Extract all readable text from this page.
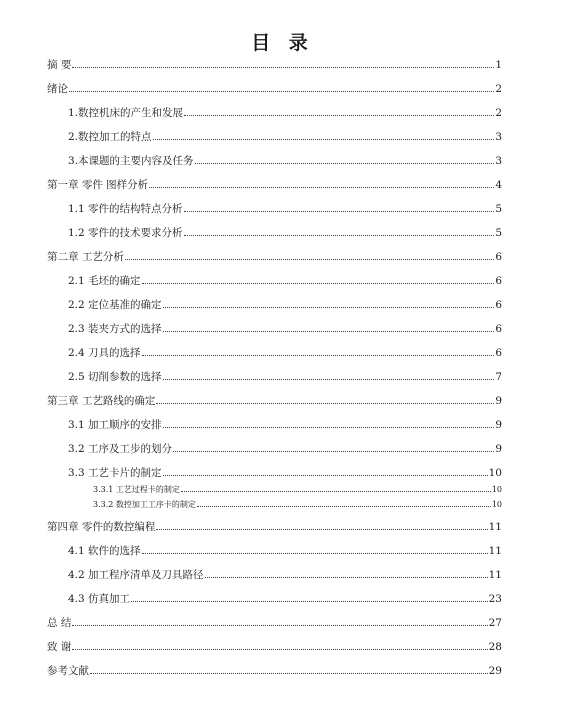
目 录
摘 要	1
绪论	2
1.数控机床的产生和发展	2
2.数控加工的特点	3
3.本课题的主要内容及任务	3
第一章 零件 图样分析	4
1.1 零件的结构特点分析	5
1.2 零件的技术要求分析	5
第二章 工艺分析	6
2.1 毛坯的确定	6
2.2 定位基准的确定	6
2.3 装夹方式的选择	6
2.4 刀具的选择	6
2.5 切削参数的选择	7
第三章 工艺路线的确定	9
3.1 加工顺序的安排	9
3.2 工序及工步的划分	9
3.3 工艺卡片的制定	10
3.3.1 工艺过程卡的制定	10
3.3.2 数控加工工序卡的制定	10
第四章 零件的数控编程	11
4.1 软件的选择	11
4.2 加工程序清单及刀具路径	11
4.3 仿真加工	23
总 结	27
致 谢	28
参考文献	29
